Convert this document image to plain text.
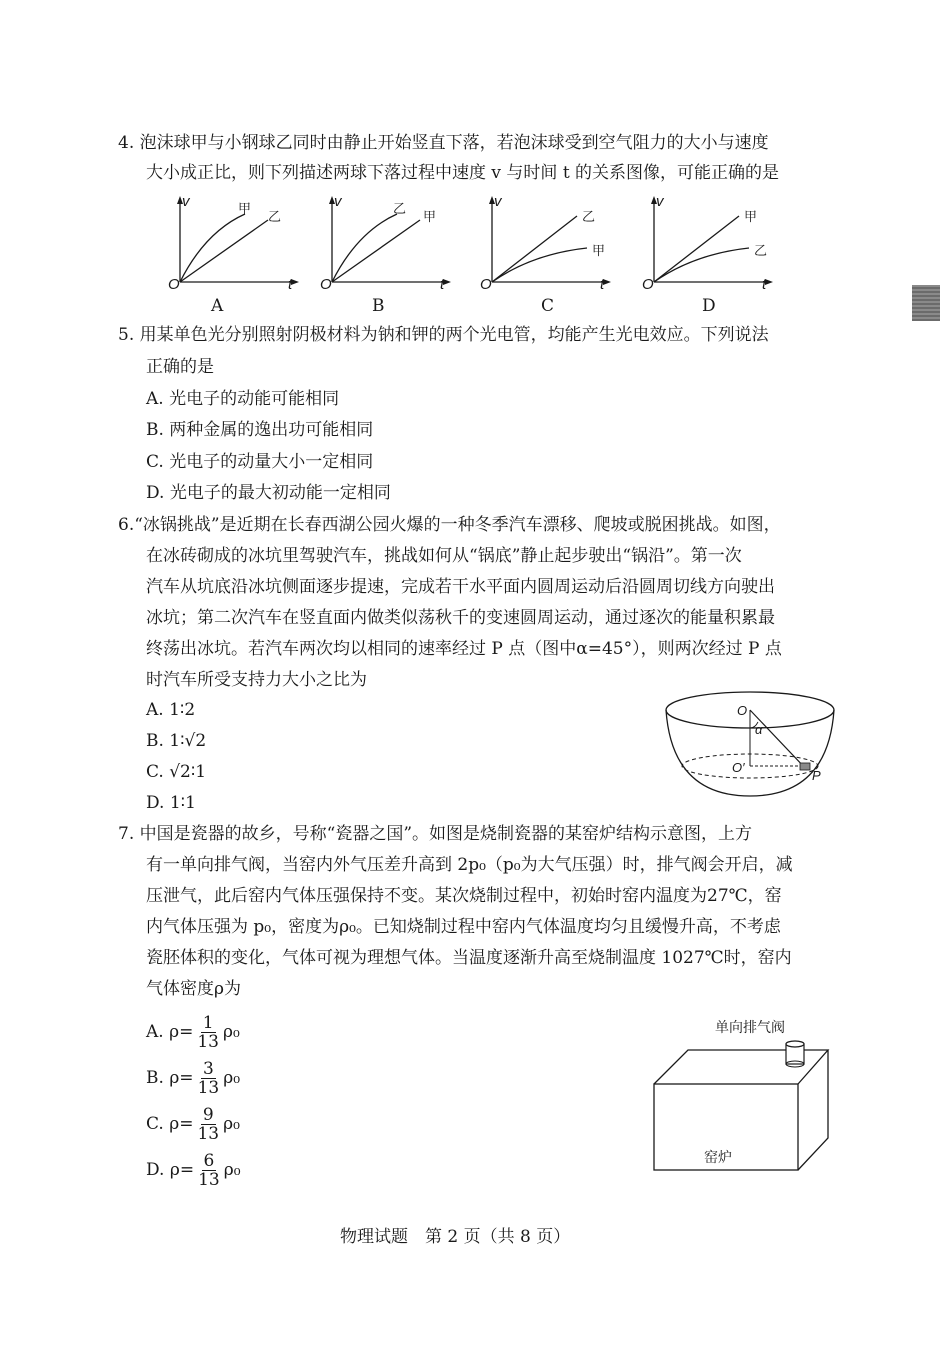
4. 泡沫球甲与小钢球乙同时由静止开始竖直下落，若泡沫球受到空气阻力的大小与速度
大小成正比，则下列描述两球下落过程中速度 v 与时间 t 的关系图像，可能正确的是
v
O	t
甲
乙
A
v
O	t
乙
甲
B
v
O	t
乙
甲
C
v
O	t
甲
乙
D
5. 用某单色光分别照射阴极材料为钠和钾的两个光电管，均能产生光电效应。下列说法
正确的是
A. 光电子的动能可能相同
B. 两种金属的逸出功可能相同
C. 光电子的动量大小一定相同
D. 光电子的最大初动能一定相同
6.“冰锅挑战”是近期在长春西湖公园火爆的一种冬季汽车漂移、爬坡或脱困挑战。如图，
在冰砖砌成的冰坑里驾驶汽车，挑战如何从“锅底”静止起步驶出“锅沿”。第一次
汽车从坑底沿冰坑侧面逐步提速，完成若干水平面内圆周运动后沿圆周切线方向驶出
冰坑；第二次汽车在竖直面内做类似荡秋千的变速圆周运动，通过逐次的能量积累最
终荡出冰坑。若汽车两次均以相同的速率经过 P 点（图中α=45°），则两次经过 P 点
时汽车所受支持力大小之比为
A. 1∶2
B. 1∶√2
C. √2∶1
D. 1∶1
O
α
O′
P
7. 中国是瓷器的故乡，号称“瓷器之国”。如图是烧制瓷器的某窑炉结构示意图，上方
有一单向排气阀，当窑内外气压差升高到 2p₀（p₀为大气压强）时，排气阀会开启，减
压泄气，此后窑内气体压强保持不变。某次烧制过程中，初始时窑内温度为27℃，窑
内气体压强为 p₀，密度为ρ₀。已知烧制过程中窑内气体温度均匀且缓慢升高，不考虑
瓷胚体积的变化，气体可视为理想气体。当温度逐渐升高至烧制温度 1027℃时，窑内
气体密度ρ为
A. $\rho= \frac{1}{13} \rho_0$
B. $\rho= \frac{3}{13} \rho_0$
C. $\rho= \frac{9}{13} \rho_0$
D. $\rho= \frac{6}{13} \rho_0$
单向排气阀
窑炉
物理试题　第 2 页（共 8 页）
